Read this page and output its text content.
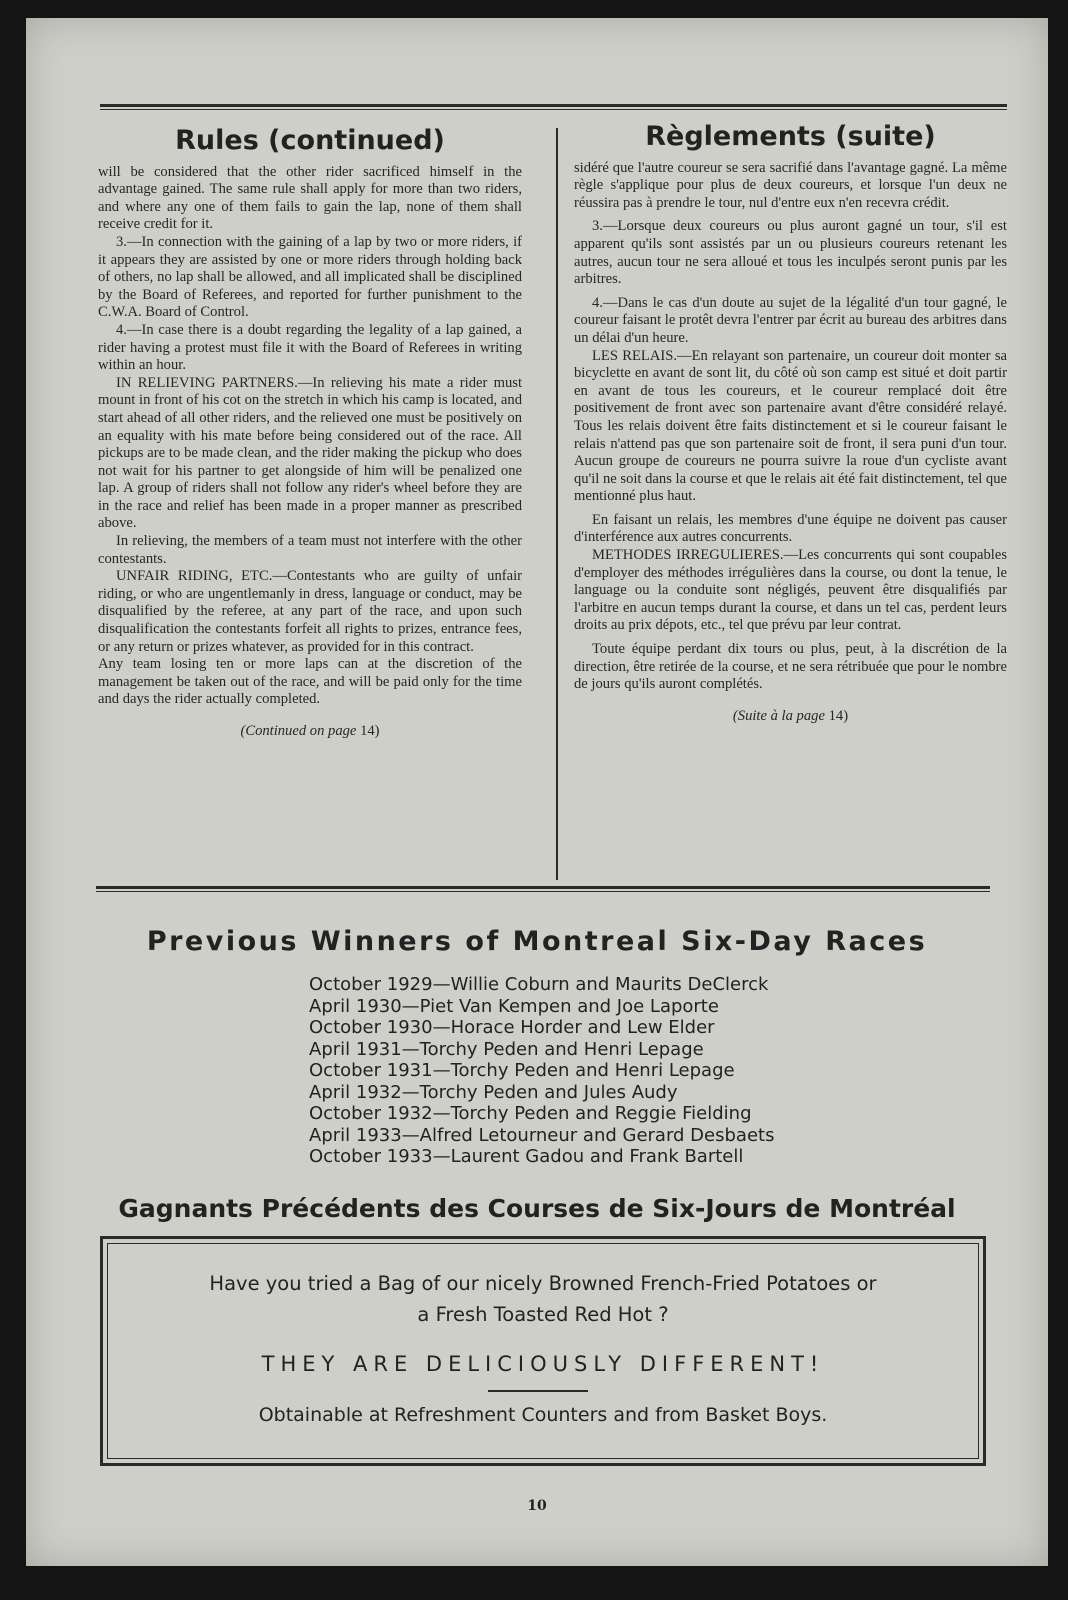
Rules (continued)

will be considered that the other rider sacrificed himself in the advantage gained. The same rule shall apply for more than two riders, and where any one of them fails to gain the lap, none of them shall receive credit for it.

3.—In connection with the gaining of a lap by two or more riders, if it appears they are assisted by one or more riders through holding back of others, no lap shall be allowed, and all implicated shall be disciplined by the Board of Referees, and reported for further punishment to the C.W.A. Board of Control.

4.—In case there is a doubt regarding the legality of a lap gained, a rider having a protest must file it with the Board of Referees in writing within an hour.

IN RELIEVING PARTNERS.—In relieving his mate a rider must mount in front of his cot on the stretch in which his camp is located, and start ahead of all other riders, and the relieved one must be positively on an equality with his mate before being considered out of the race. All pickups are to be made clean, and the rider making the pickup who does not wait for his partner to get alongside of him will be penalized one lap. A group of riders shall not follow any rider's wheel before they are in the race and relief has been made in a proper manner as prescribed above.

In relieving, the members of a team must not interfere with the other contestants.

UNFAIR RIDING, ETC.—Contestants who are guilty of unfair riding, or who are ungentlemanly in dress, language or conduct, may be disqualified by the referee, at any part of the race, and upon such disqualification the contestants forfeit all rights to prizes, entrance fees, or any return or prizes whatever, as provided for in this contract.

Any team losing ten or more laps can at the discretion of the management be taken out of the race, and will be paid only for the time and days the rider actually completed.

(Continued on page 14)
Règlements (suite)

sidéré que l'autre coureur se sera sacrifié dans l'avantage gagné. La même règle s'applique pour plus de deux coureurs, et lorsque l'un deux ne réussira pas à prendre le tour, nul d'entre eux n'en recevra crédit.

3.—Lorsque deux coureurs ou plus auront gagné un tour, s'il est apparent qu'ils sont assistés par un ou plusieurs coureurs retenant les autres, aucun tour ne sera alloué et tous les inculpés seront punis par les arbitres.

4.—Dans le cas d'un doute au sujet de la légalité d'un tour gagné, le coureur faisant le protêt devra l'entrer par écrit au bureau des arbitres dans un délai d'un heure.

LES RELAIS.—En relayant son partenaire, un coureur doit monter sa bicyclette en avant de sont lit, du côté où son camp est situé et doit partir en avant de tous les coureurs, et le coureur remplacé doit être positivement de front avec son partenaire avant d'être considéré relayé. Tous les relais doivent être faits distinctement et si le coureur faisant le relais n'attend pas que son partenaire soit de front, il sera puni d'un tour. Aucun groupe de coureurs ne pourra suivre la roue d'un cycliste avant qu'il ne soit dans la course et que le relais ait été fait distinctement, tel que mentionné plus haut.

En faisant un relais, les membres d'une équipe ne doivent pas causer d'interférence aux autres concurrents.

METHODES IRREGULIERES.—Les concurrents qui sont coupables d'employer des méthodes irrégulières dans la course, ou dont la tenue, le language ou la conduite sont négligés, peuvent être disqualifiés par l'arbitre en aucun temps durant la course, et dans un tel cas, perdent leurs droits au prix dépots, etc., tel que prévu par leur contrat.

Toute équipe perdant dix tours ou plus, peut, à la discrétion de la direction, être retirée de la course, et ne sera rétribuée que pour le nombre de jours qu'ils auront complétés.

(Suite à la page 14)
Previous Winners of Montreal Six-Day Races
October 1929—Willie Coburn and Maurits DeClerck
April 1930—Piet Van Kempen and Joe Laporte
October 1930—Horace Horder and Lew Elder
April 1931—Torchy Peden and Henri Lepage
October 1931—Torchy Peden and Henri Lepage
April 1932—Torchy Peden and Jules Audy
October 1932—Torchy Peden and Reggie Fielding
April 1933—Alfred Letourneur and Gerard Desbaets
October 1933—Laurent Gadou and Frank Bartell
Gagnants Précédents des Courses de Six-Jours de Montréal
Have you tried a Bag of our nicely Browned French-Fried Potatoes or
a Fresh Toasted Red Hot ?
THEY ARE DELICIOUSLY DIFFERENT!
Obtainable at Refreshment Counters and from Basket Boys.
10
